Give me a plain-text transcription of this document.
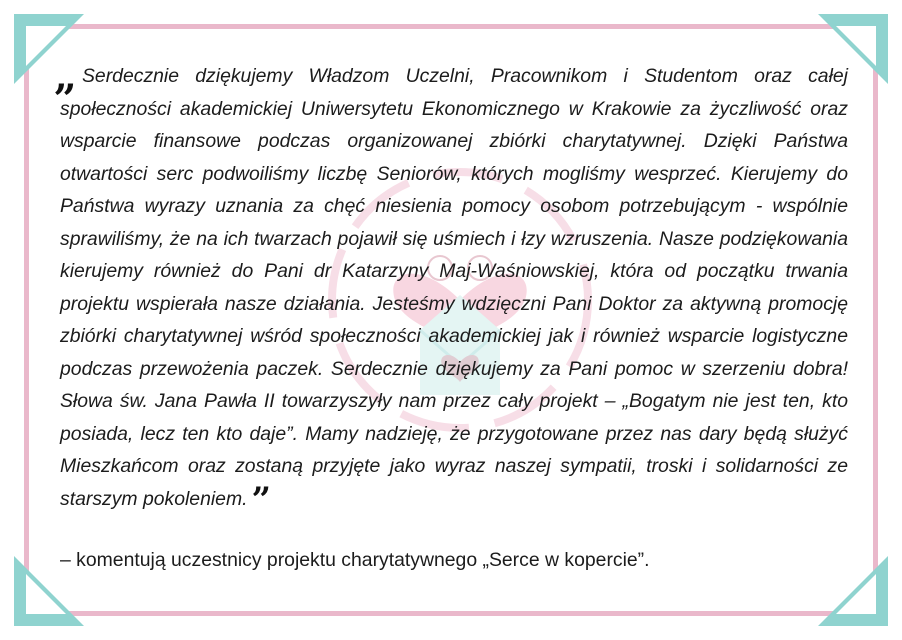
„ Serdecznie dziękujemy Władzom Uczelni, Pracownikom i Studentom oraz całej społeczności akademickiej Uniwersytetu Ekonomicznego w Krakowie za życzliwość oraz wsparcie finansowe podczas organizowanej zbiórki charytatywnej. Dzięki Państwa otwartości serc podwoiliśmy liczbę Seniorów, których mogliśmy wesprzeć. Kierujemy do Państwa wyrazy uznania za chęć niesienia pomocy osobom potrzebującym - wspólnie sprawiliśmy, że na ich twarzach pojawił się uśmiech i łzy wzruszenia. Nasze podziękowania kierujemy również do Pani dr Katarzyny Maj-Waśniowskiej, która od początku trwania projektu wspierała nasze działania. Jesteśmy wdzięczni Pani Doktor za aktywną promocję zbiórki charytatywnej wśród społeczności akademickiej jak i również wsparcie logistyczne podczas przewożenia paczek. Serdecznie dziękujemy za Pani pomoc w szerzeniu dobra! Słowa św. Jana Pawła II towarzyszyły nam przez cały projekt – „Bogatym nie jest ten, kto posiada, lecz ten kto daje”. Mamy nadzieję, że przygotowane przez nas dary będą służyć Mieszkańcom oraz zostaną przyjęte jako wyraz naszej sympatii, troski i solidarności ze starszym pokoleniem. ”

– komentują uczestnicy projektu charytatywnego „Serce w kopercie”.
